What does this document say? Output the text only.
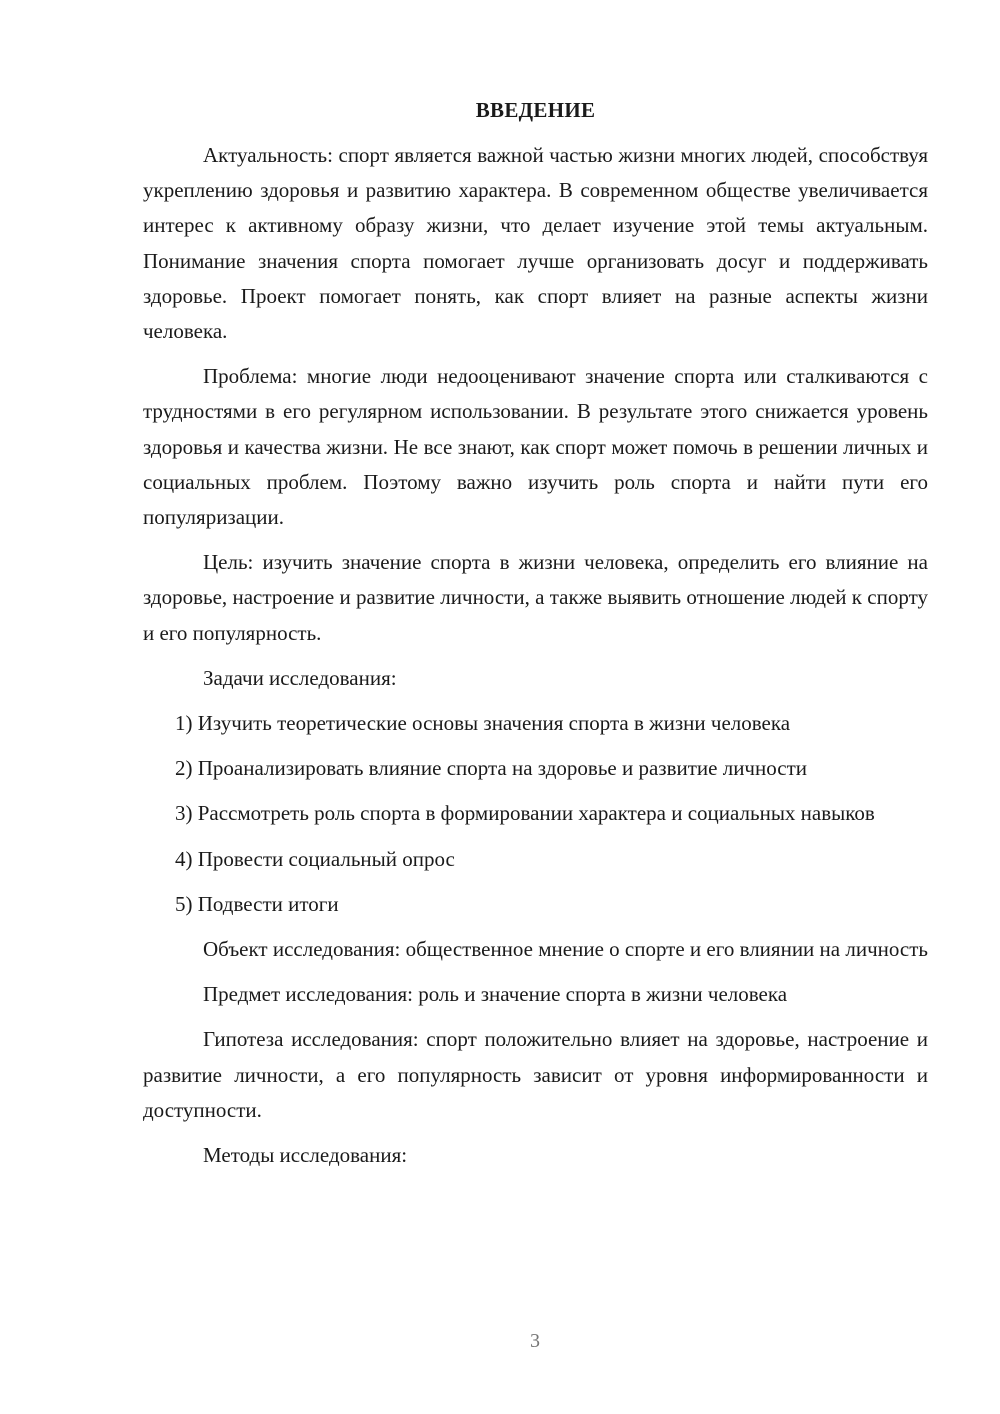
ВВЕДЕНИЕ

Актуальность: спорт является важной частью жизни многих людей, способствуя укреплению здоровья и развитию характера. В современном обществе увеличивается интерес к активному образу жизни, что делает изучение этой темы актуальным. Понимание значения спорта помогает лучше организовать досуг и поддерживать здоровье. Проект помогает понять, как спорт влияет на разные аспекты жизни человека.

Проблема: многие люди недооценивают значение спорта или сталкиваются с трудностями в его регулярном использовании. В результате этого снижается уровень здоровья и качества жизни. Не все знают, как спорт может помочь в решении личных и социальных проблем. Поэтому важно изучить роль спорта и найти пути его популяризации.

Цель: изучить значение спорта в жизни человека, определить его влияние на здоровье, настроение и развитие личности, а также выявить отношение людей к спорту и его популярность.

Задачи исследования:

1) Изучить теоретические основы значения спорта в жизни человека

2) Проанализировать влияние спорта на здоровье и развитие личности

3) Рассмотреть роль спорта в формировании характера и социальных навыков

4) Провести социальный опрос

5) Подвести итоги

Объект исследования: общественное мнение о спорте и его влиянии на личность

Предмет исследования: роль и значение спорта в жизни человека

Гипотеза исследования: спорт положительно влияет на здоровье, настроение и развитие личности, а его популярность зависит от уровня информированности и доступности.

Методы исследования:

3
